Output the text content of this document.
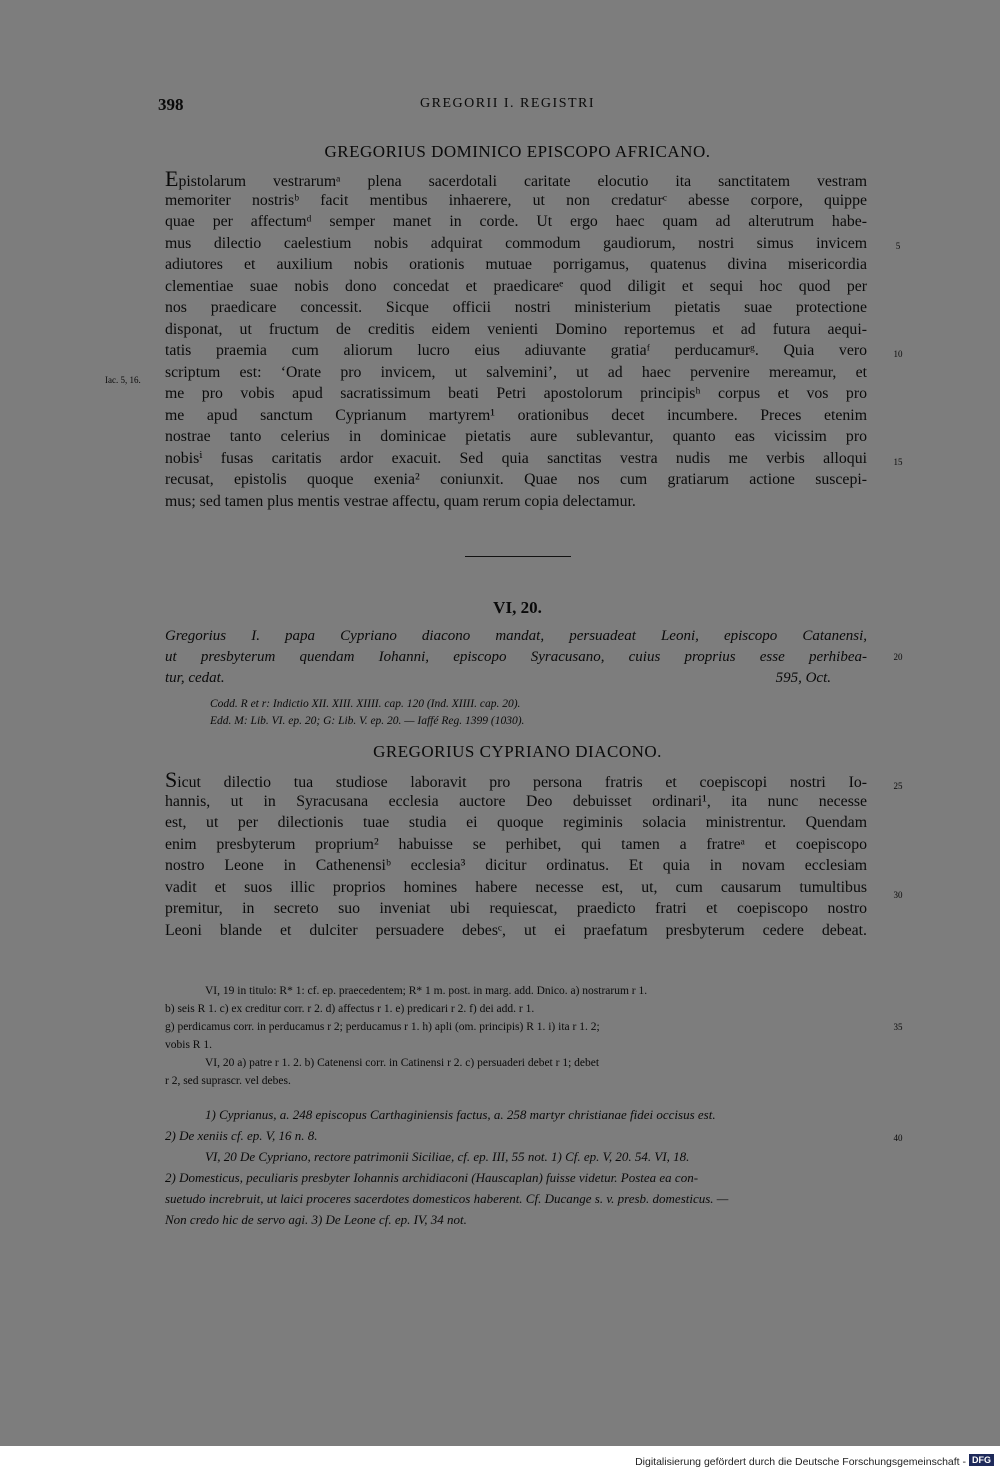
398	GREGORII I. REGISTRI
GREGORIUS DOMINICO EPISCOPO AFRICANO.
Epistolarum vestrarumᵃ plena sacerdotali caritate elocutio ita sanctitatem vestram
memoriter nostrisᵇ facit mentibus inhaerere, ut non credaturᶜ abesse corpore, quippe
quae per affectumᵈ semper manet in corde. Ut ergo haec quam ad alterutrum habe-
mus dilectio caelestium nobis adquirat commodum gaudiorum, nostri simus invicem
adiutores et auxilium nobis orationis mutuae porrigamus, quatenus divina misericordia
clementiae suae nobis dono concedat et praedicareᵉ quod diligit et sequi hoc quod per
nos praedicare concessit. Sicque officii nostri ministerium pietatis suae protectione
disponat, ut fructum de creditis eidem venienti Domino reportemus et ad futura aequi-
tatis praemia cum aliorum lucro eius adiuvante gratiaᶠ perducamurᵍ. Quia vero
scriptum est: ‘Orate pro invicem, ut salvemini’, ut ad haec pervenire mereamur, et
me pro vobis apud sacratissimum beati Petri apostolorum principisʰ corpus et vos pro
me apud sanctum Cyprianum martyrem¹ orationibus decet incumbere. Preces etenim
nostrae tanto celerius in dominicae pietatis aure sublevantur, quanto eas vicissim pro
nobisⁱ fusas caritatis ardor exacuit. Sed quia sanctitas vestra nudis me verbis alloqui
recusat, epistolis quoque exenia² coniunxit. Quae nos cum gratiarum actione suscepi-
mus; sed tamen plus mentis vestrae affectu, quam rerum copia delectamur.
5
10
15
Iac. 5, 16.
VI, 20.
Gregorius I. papa Cypriano diacono mandat, persuadeat Leoni, episcopo Catanensi,
ut presbyterum quendam Iohanni, episcopo Syracusano, cuius proprius esse perhibea-
tur, cedat.	595, Oct.
20
Codd. R et r: Indictio XII. XIII. XIIII. cap. 120 (Ind. XIIII. cap. 20).
Edd. M: Lib. VI. ep. 20; G: Lib. V. ep. 20. — Iaffé Reg. 1399 (1030).
GREGORIUS CYPRIANO DIACONO.
Sicut dilectio tua studiose laboravit pro persona fratris et coepiscopi nostri Io-
hannis, ut in Syracusana ecclesia auctore Deo debuisset ordinari¹, ita nunc necesse
est, ut per dilectionis tuae studia ei quoque regiminis solacia ministrentur. Quendam
enim presbyterum proprium² habuisse se perhibet, qui tamen a fratreᵃ et coepiscopo
nostro Leone in Cathenensiᵇ ecclesia³ dicitur ordinatus. Et quia in novam ecclesiam
vadit et suos illic proprios homines habere necesse est, ut, cum causarum tumultibus
premitur, in secreto suo inveniat ubi requiescat, praedicto fratri et coepiscopo nostro
Leoni blande et dulciter persuadere debesᶜ, ut ei praefatum presbyterum cedere debeat.
25
30
VI, 19 in titulo: R* 1: cf. ep. praecedentem; R* 1 m. post. in marg. add. Dnico. a) nostrarum r 1.
b) seis R 1. c) ex creditur corr. r 2. d) affectus r 1. e) predicari r 2. f) dei add. r 1.
g) perdicamus corr. in perducamus r 2; perducamus r 1. h) apli (om. principis) R 1. i) ita r 1. 2;
vobis R 1.
VI, 20 a) patre r 1. 2. b) Catenensi corr. in Catinensi r 2. c) persuaderi debet r 1; debet
r 2, sed suprascr. vel debes.
35
1) Cyprianus, a. 248 episcopus Carthaginiensis factus, a. 258 martyr christianae fidei occisus est.
2) De xeniis cf. ep. V, 16 n. 8.
VI, 20 De Cypriano, rectore patrimonii Siciliae, cf. ep. III, 55 not. 1) Cf. ep. V, 20. 54. VI, 18.
2) Domesticus, peculiaris presbyter Iohannis archidiaconi (Hauscaplan) fuisse videtur. Postea ea con-
suetudo increbruit, ut laici proceres sacerdotes domesticos haberent. Cf. Ducange s. v. presb. domesticus. —
Non credo hic de servo agi. 3) De Leone cf. ep. IV, 34 not.
40
Digitalisierung gefördert durch die Deutsche Forschungsgemeinschaft - DFG
